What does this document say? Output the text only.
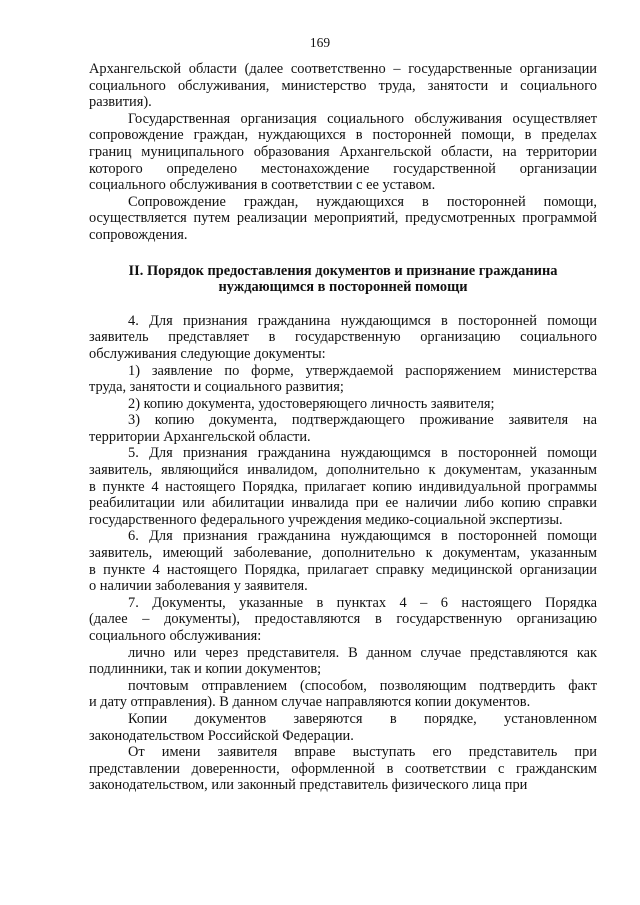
169

Архангельской области (далее соответственно – государственные организации

социального обслуживания, министерство труда, занятости и социального

развития).

Государственная организация социального обслуживания осуществляет

сопровождение граждан, нуждающихся в посторонней помощи, в пределах

границ муниципального образования Архангельской области, на территории

которого определено местонахождение государственной организации

социального обслуживания в соответствии с ее уставом.

Сопровождение граждан, нуждающихся в посторонней помощи,

осуществляется путем реализации мероприятий, предусмотренных программой

сопровождения.

II. Порядок предоставления документов и признание гражданина

нуждающимся в посторонней помощи

4. Для признания гражданина нуждающимся в посторонней помощи

заявитель представляет в государственную организацию социального

обслуживания следующие документы:

1) заявление по форме, утверждаемой распоряжением министерства

труда, занятости и социального развития;

2) копию документа, удостоверяющего личность заявителя;

3) копию документа, подтверждающего проживание заявителя на

территории Архангельской области.

5. Для признания гражданина нуждающимся в посторонней помощи

заявитель, являющийся инвалидом, дополнительно к документам, указанным

в пункте 4 настоящего Порядка, прилагает копию индивидуальной программы

реабилитации или абилитации инвалида при ее наличии либо копию справки

государственного федерального учреждения медико-социальной экспертизы.

6. Для признания гражданина нуждающимся в посторонней помощи

заявитель, имеющий заболевание, дополнительно к документам, указанным

в пункте 4 настоящего Порядка, прилагает справку медицинской организации

о наличии заболевания у заявителя.

7. Документы, указанные в пунктах 4 – 6 настоящего Порядка

(далее – документы), предоставляются в государственную организацию

социального обслуживания:

лично или через представителя. В данном случае представляются как

подлинники, так и копии документов;

почтовым отправлением (способом, позволяющим подтвердить факт

и дату отправления). В данном случае направляются копии документов.

Копии документов заверяются в порядке, установленном

законодательством Российской Федерации.

От имени заявителя вправе выступать его представитель при

представлении доверенности, оформленной в соответствии с гражданским

законодательством, или законный представитель физического лица при
